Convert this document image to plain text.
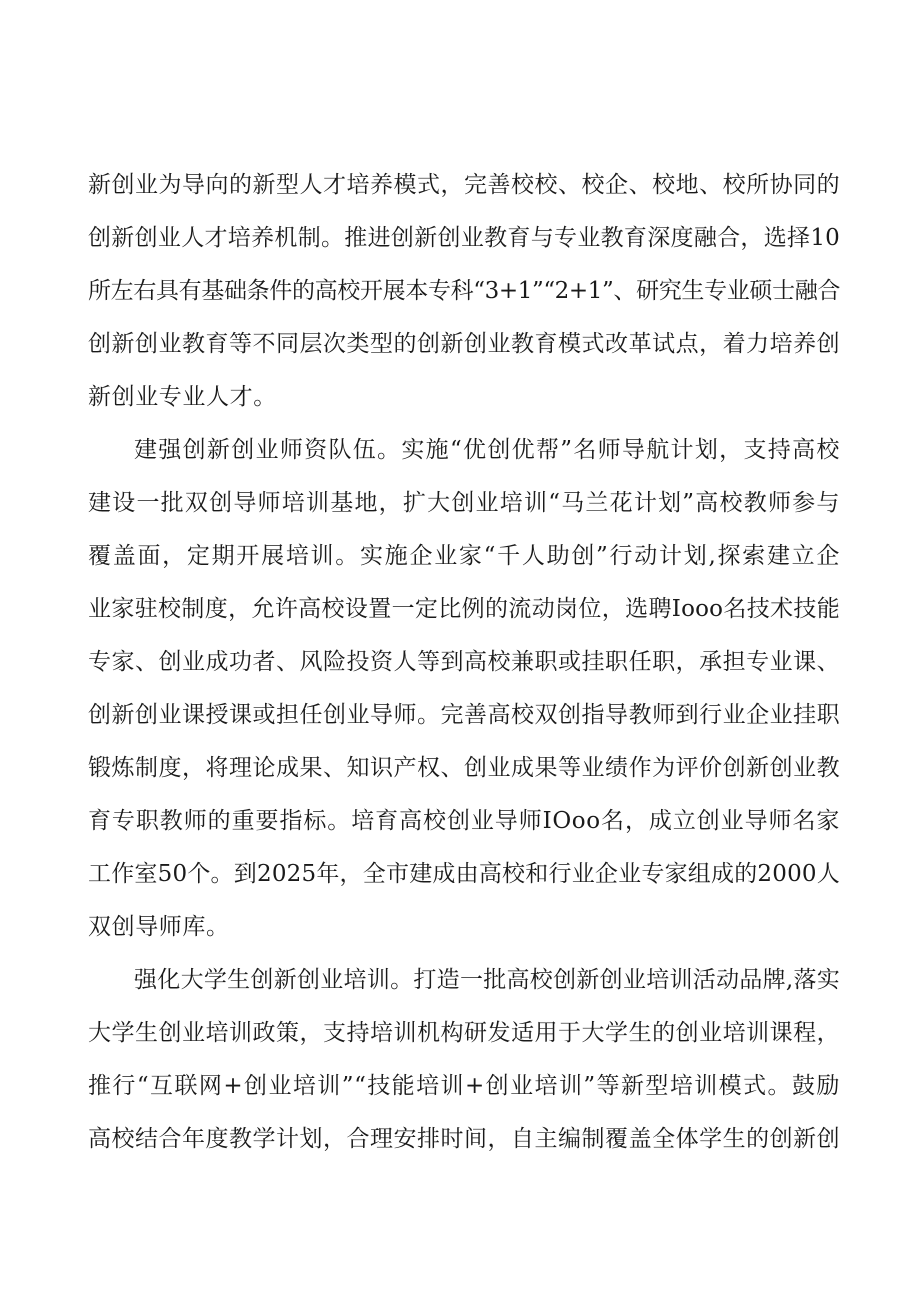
新创业为导向的新型人才培养模式，完善校校、校企、校地、校所协同的
创新创业人才培养机制。推进创新创业教育与专业教育深度融合，选择10
所左右具有基础条件的高校开展本专科“3+1”“2+1”、研究生专业硕士融合
创新创业教育等不同层次类型的创新创业教育模式改革试点，着力培养创
新创业专业人才。
建强创新创业师资队伍。实施“优创优帮”名师导航计划，支持高校
建设一批双创导师培训基地，扩大创业培训“马兰花计划”高校教师参与
覆盖面，定期开展培训。实施企业家“千人助创”行动计划,探索建立企
业家驻校制度，允许高校设置一定比例的流动岗位，选聘Iooo名技术技能
专家、创业成功者、风险投资人等到高校兼职或挂职任职，承担专业课、
创新创业课授课或担任创业导师。完善高校双创指导教师到行业企业挂职
锻炼制度，将理论成果、知识产权、创业成果等业绩作为评价创新创业教
育专职教师的重要指标。培育高校创业导师IOoo名，成立创业导师名家
工作室50个。到2025年，全市建成由高校和行业企业专家组成的2000人
双创导师库。
强化大学生创新创业培训。打造一批高校创新创业培训活动品牌,落实
大学生创业培训政策，支持培训机构研发适用于大学生的创业培训课程，
推行“互联网+创业培训”“技能培训+创业培训”等新型培训模式。鼓励
高校结合年度教学计划，合理安排时间，自主编制覆盖全体学生的创新创
